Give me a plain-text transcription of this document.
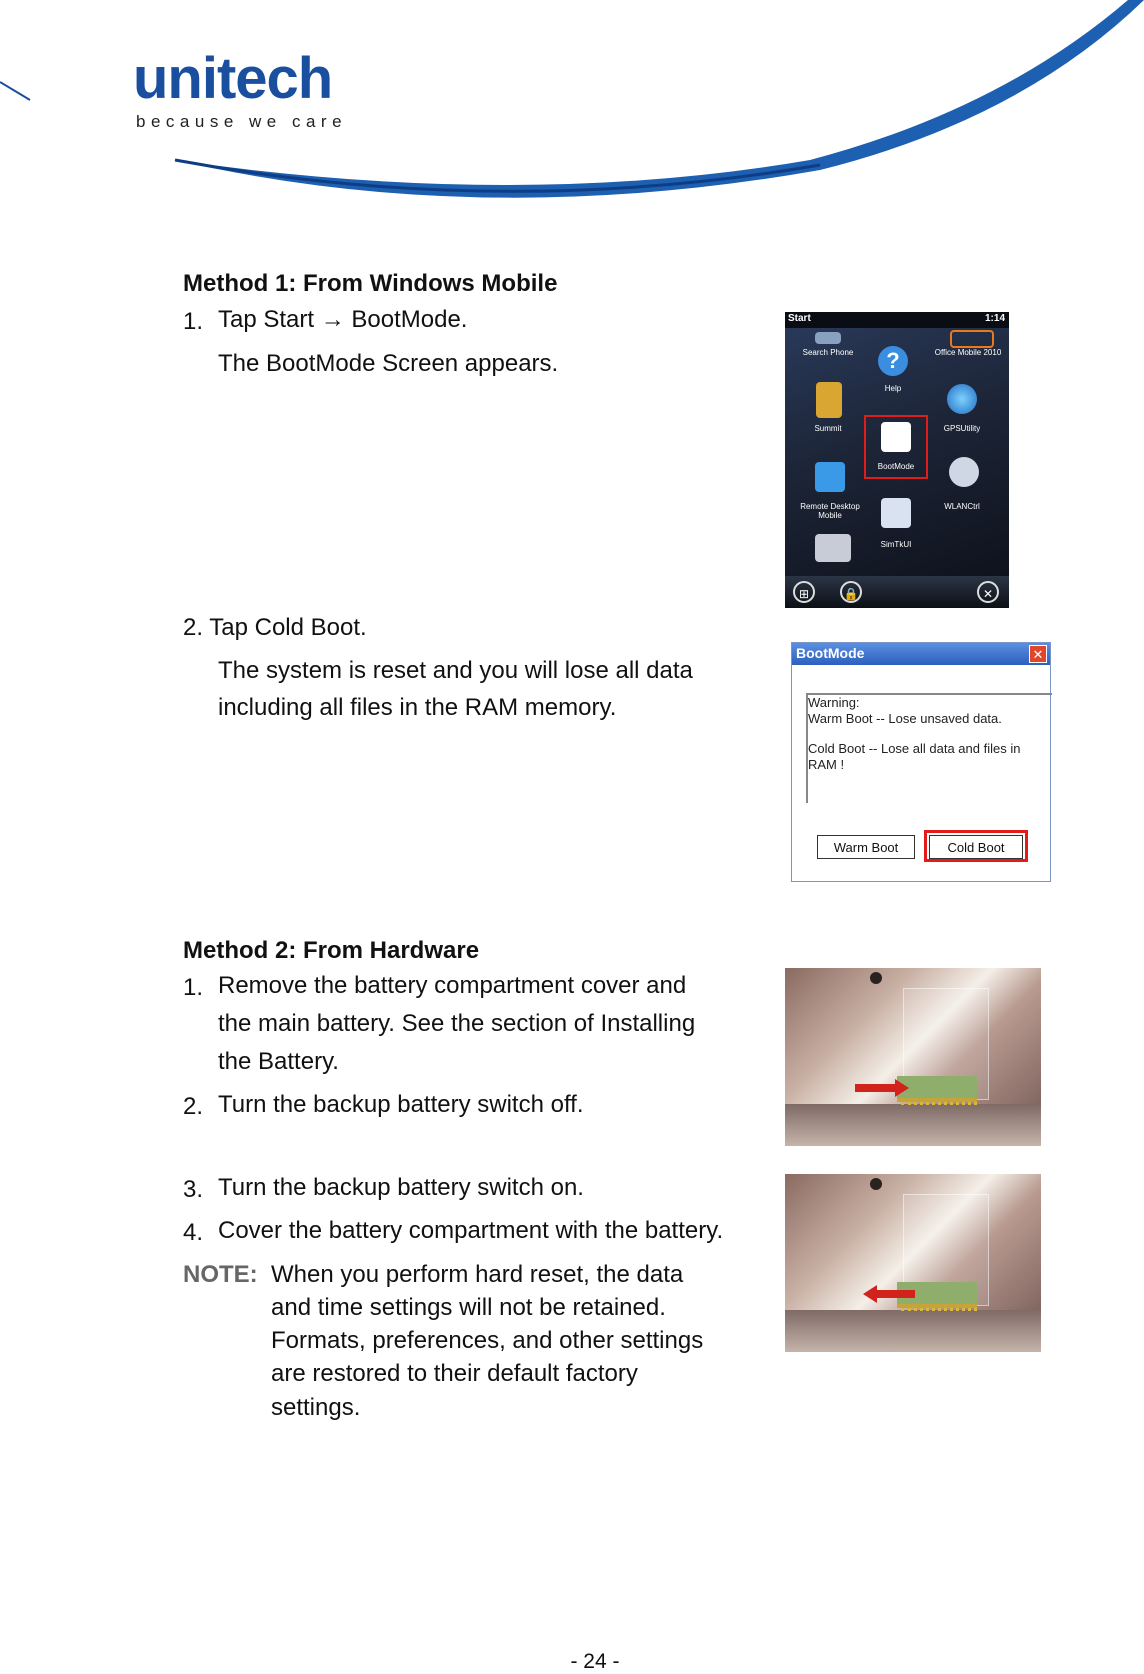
unitech
because we care
Method 1: From Windows Mobile
1. Tap Start → BootMode.
The BootMode Screen appears.
Start	1:14
Search Phone	?
Help
Office Mobile 2010
Summit	GPSUtility
BootMode
Remote Desktop
Mobile
WLANCtrl
SimTkUI
⊞	🔒	✕
2. Tap Cold Boot.
The system is reset and you will lose all data
including all files in the RAM memory.
BootMode	✕
Warning:
Warm Boot -- Lose unsaved data.
Cold Boot -- Lose all data and files in
RAM !
Warm Boot	Cold Boot
Method 2: From Hardware
1. Remove the battery compartment cover and
the main battery. See the section of Installing
the Battery.
2. Turn the backup battery switch off.
3. Turn the backup battery switch on.
4. Cover the battery compartment with the battery.
NOTE: When you perform hard reset, the data
and time settings will not be retained.
Formats, preferences, and other settings
are restored to their default factory
settings.
- 24 -
